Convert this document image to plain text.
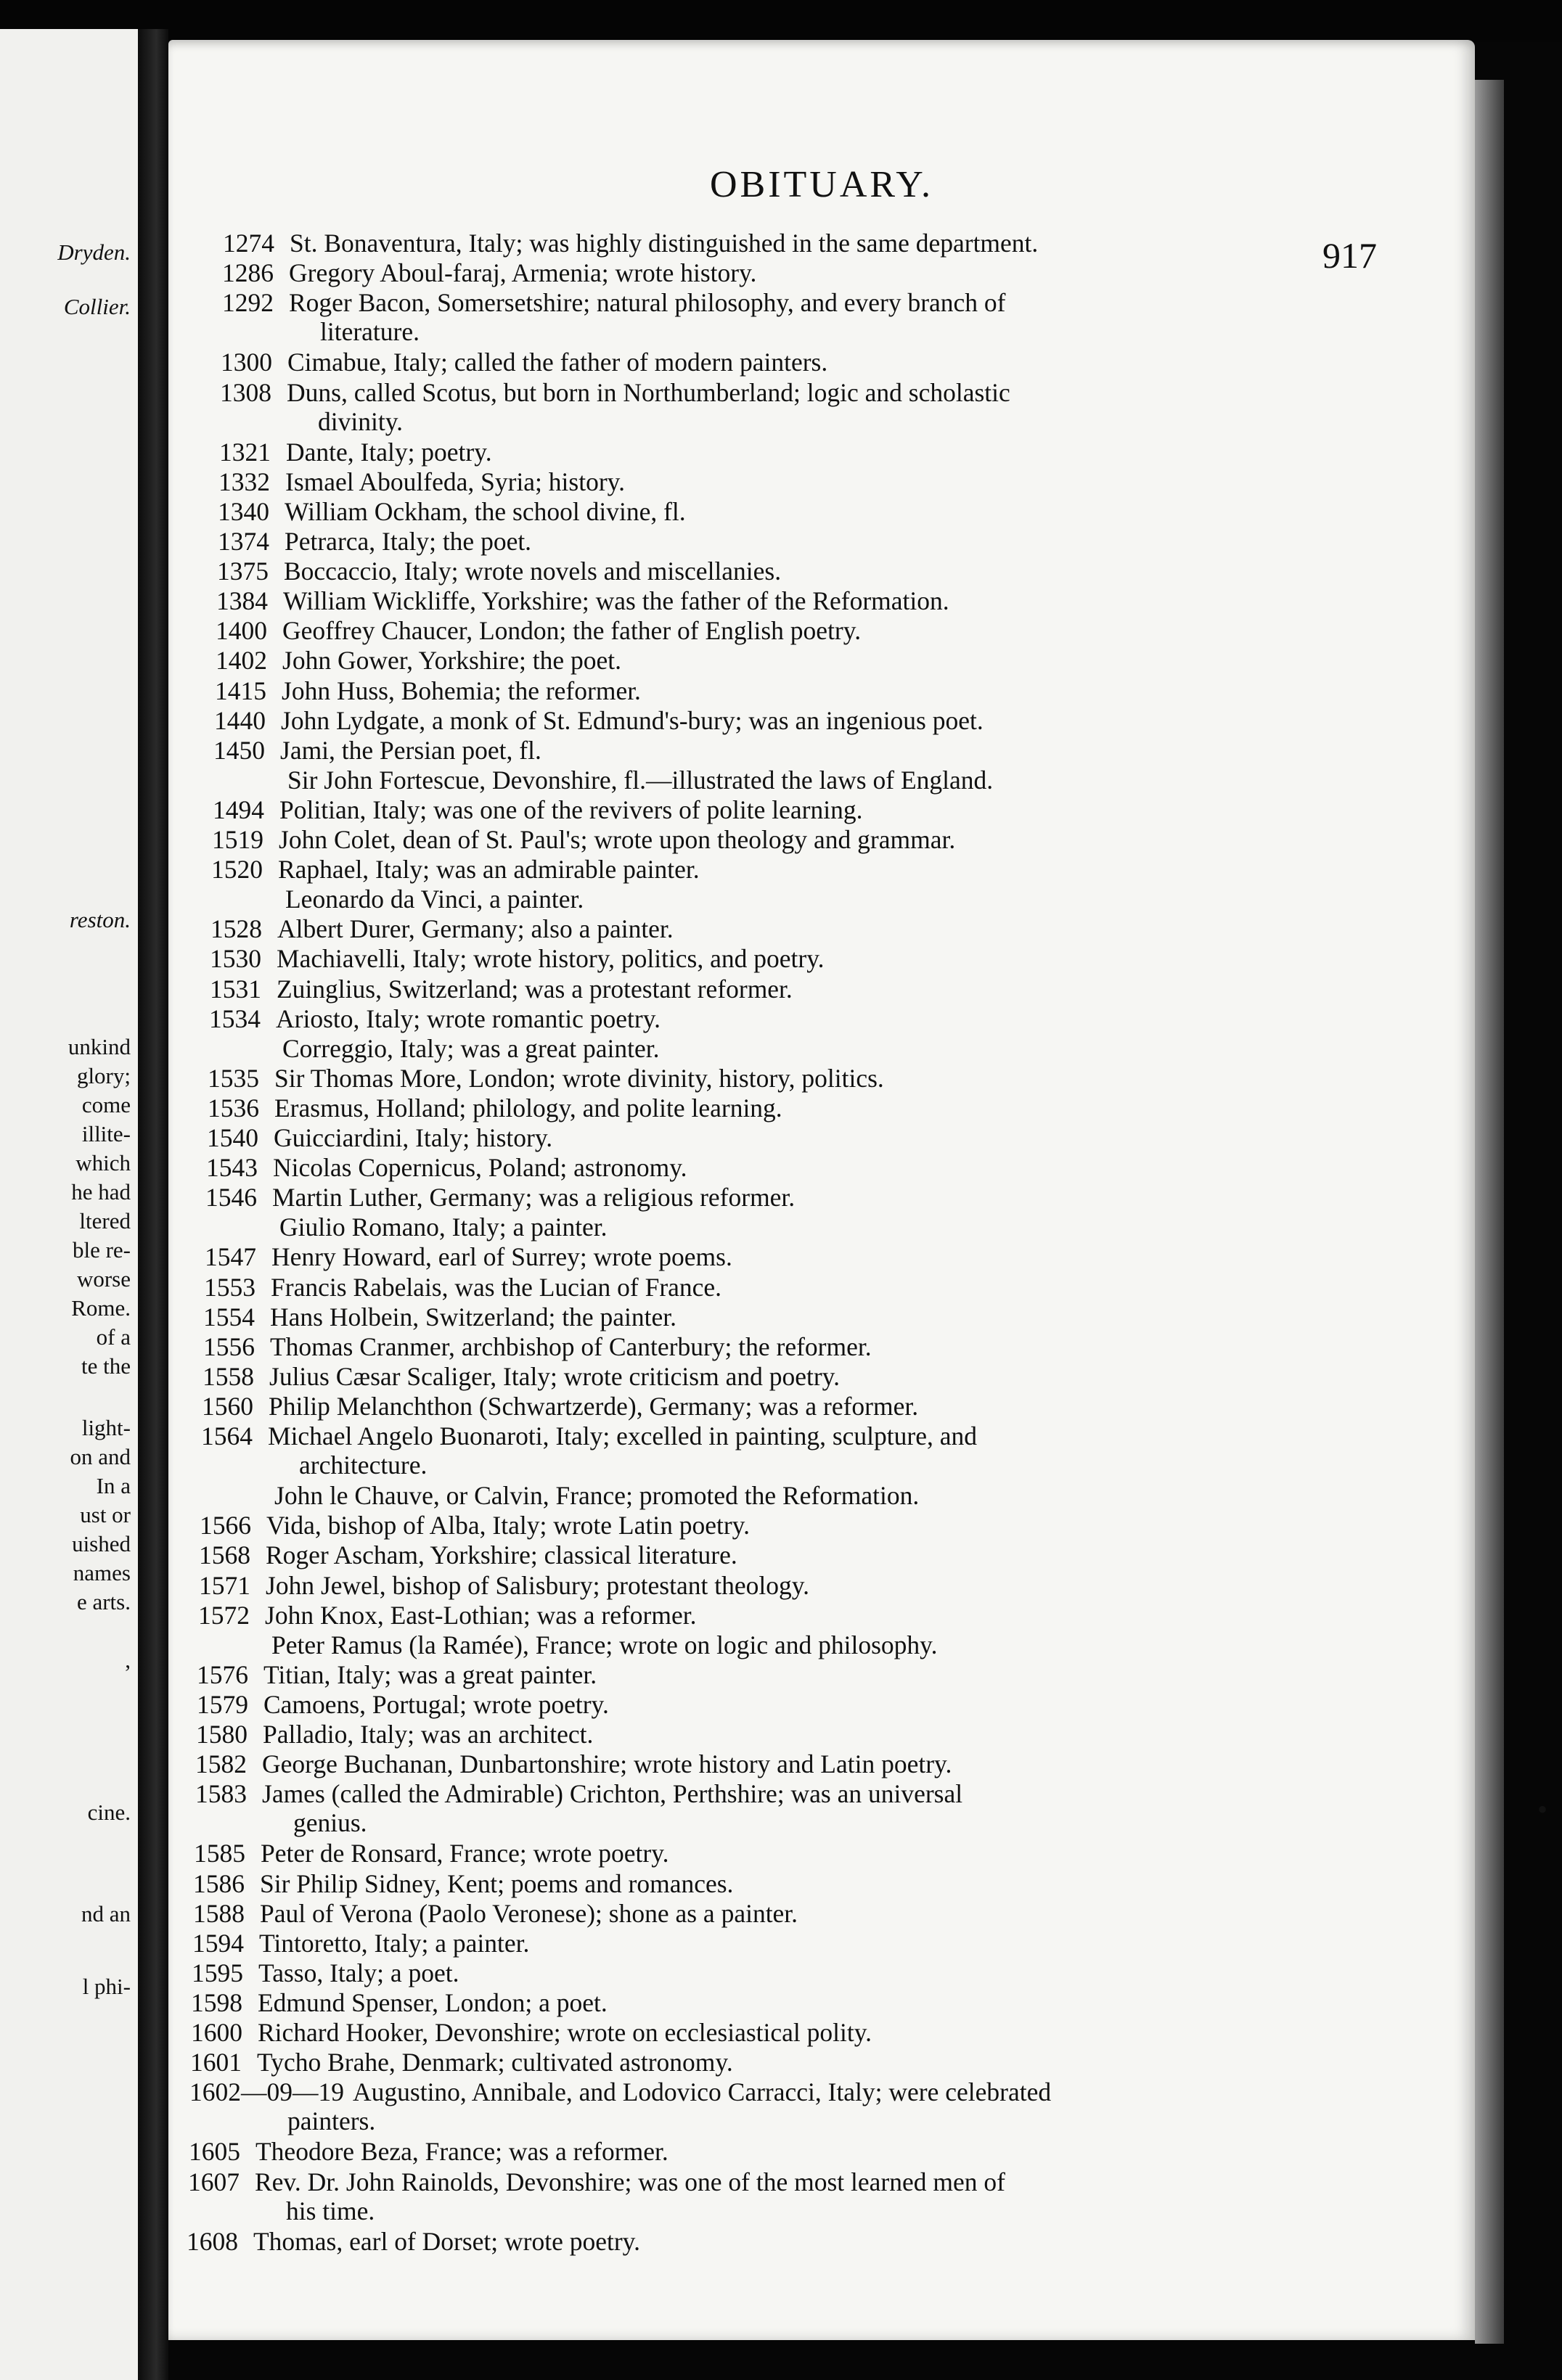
Dryden.
Collier.
reston.
unkind
glory;
come
illite-
which
he had
ltered
ble re-
worse
Rome.
of a
te the
light-
on and
In a
ust or
uished
names
e arts.
,
cine.
nd an
l phi-
OBITUARY.
917
1274 St. Bonaventura, Italy; was highly distinguished in the same department.
1286 Gregory Aboul-faraj, Armenia; wrote history.
1292 Roger Bacon, Somersetshire; natural philosophy, and every branch of
literature.
1300 Cimabue, Italy; called the father of modern painters.
1308 Duns, called Scotus, but born in Northumberland; logic and scholastic
divinity.
1321 Dante, Italy; poetry.
1332 Ismael Aboulfeda, Syria; history.
1340 William Ockham, the school divine, fl.
1374 Petrarca, Italy; the poet.
1375 Boccaccio, Italy; wrote novels and miscellanies.
1384 William Wickliffe, Yorkshire; was the father of the Reformation.
1400 Geoffrey Chaucer, London; the father of English poetry.
1402 John Gower, Yorkshire; the poet.
1415 John Huss, Bohemia; the reformer.
1440 John Lydgate, a monk of St. Edmund's-bury; was an ingenious poet.
1450 Jami, the Persian poet, fl.
Sir John Fortescue, Devonshire, fl.—illustrated the laws of England.
1494 Politian, Italy; was one of the revivers of polite learning.
1519 John Colet, dean of St. Paul's; wrote upon theology and grammar.
1520 Raphael, Italy; was an admirable painter.
Leonardo da Vinci, a painter.
1528 Albert Durer, Germany; also a painter.
1530 Machiavelli, Italy; wrote history, politics, and poetry.
1531 Zuinglius, Switzerland; was a protestant reformer.
1534 Ariosto, Italy; wrote romantic poetry.
Correggio, Italy; was a great painter.
1535 Sir Thomas More, London; wrote divinity, history, politics.
1536 Erasmus, Holland; philology, and polite learning.
1540 Guicciardini, Italy; history.
1543 Nicolas Copernicus, Poland; astronomy.
1546 Martin Luther, Germany; was a religious reformer.
Giulio Romano, Italy; a painter.
1547 Henry Howard, earl of Surrey; wrote poems.
1553 Francis Rabelais, was the Lucian of France.
1554 Hans Holbein, Switzerland; the painter.
1556 Thomas Cranmer, archbishop of Canterbury; the reformer.
1558 Julius Cæsar Scaliger, Italy; wrote criticism and poetry.
1560 Philip Melanchthon (Schwartzerde), Germany; was a reformer.
1564 Michael Angelo Buonaroti, Italy; excelled in painting, sculpture, and
architecture.
John le Chauve, or Calvin, France; promoted the Reformation.
1566 Vida, bishop of Alba, Italy; wrote Latin poetry.
1568 Roger Ascham, Yorkshire; classical literature.
1571 John Jewel, bishop of Salisbury; protestant theology.
1572 John Knox, East-Lothian; was a reformer.
Peter Ramus (la Ramée), France; wrote on logic and philosophy.
1576 Titian, Italy; was a great painter.
1579 Camoens, Portugal; wrote poetry.
1580 Palladio, Italy; was an architect.
1582 George Buchanan, Dunbartonshire; wrote history and Latin poetry.
1583 James (called the Admirable) Crichton, Perthshire; was an universal
genius.
1585 Peter de Ronsard, France; wrote poetry.
1586 Sir Philip Sidney, Kent; poems and romances.
1588 Paul of Verona (Paolo Veronese); shone as a painter.
1594 Tintoretto, Italy; a painter.
1595 Tasso, Italy; a poet.
1598 Edmund Spenser, London; a poet.
1600 Richard Hooker, Devonshire; wrote on ecclesiastical polity.
1601 Tycho Brahe, Denmark; cultivated astronomy.
1602—09—19 Augustino, Annibale, and Lodovico Carracci, Italy; were celebrated
painters.
1605 Theodore Beza, France; was a reformer.
1607 Rev. Dr. John Rainolds, Devonshire; was one of the most learned men of
his time.
1608 Thomas, earl of Dorset; wrote poetry.
•
